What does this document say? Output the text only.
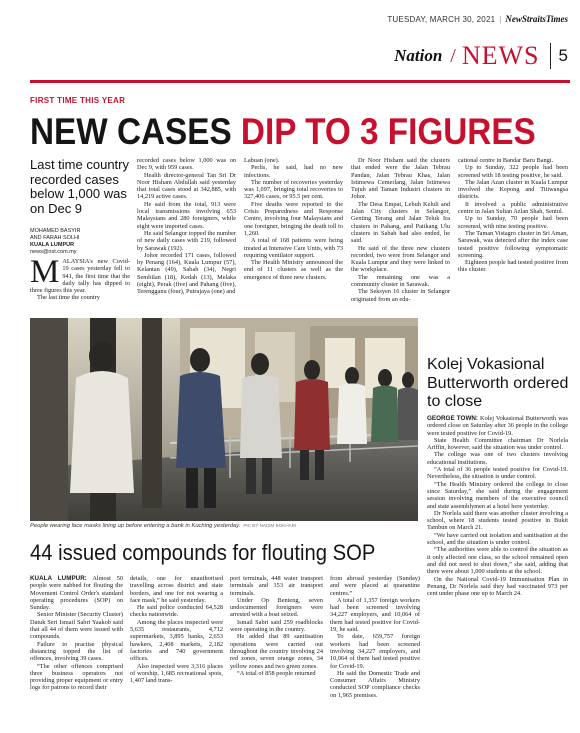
TUESDAY, MARCH 30, 2021 | NewStraitsTimes
Nation / NEWS 5
FIRST TIME THIS YEAR
NEW CASES DIP TO 3 FIGURES
Last time country recorded cases below 1,000 was on Dec 9
MOHAMED BASYIR
AND FARAH SOLHI
KUALA LUMPUR
news@nst.com.my

MALAYSIA's new Covid-19 cases yesterday fell to 941, the first time that the daily tally has dipped to three figures this year.

The last time the country

recorded cases below 1,000 was on Dec 9, with 959 cases.

Health director-general Tan Sri Dr Noor Hisham Abdullah said yesterday that total cases stood at 342,885, with 14,219 active cases.

He said from the total, 913 were local transmissions involving 653 Malaysians and 280 foreigners, while eight were imported cases.

He said Selangor topped the number of new daily cases with 219, followed by Sarawak (192).

Johor recorded 171 cases, followed by Penang (164), Kuala Lumpur (57), Kelantan (49), Sabah (34), Negri Sembilan (18), Kedah (13), Melaka (eight), Perak (five) and Pahang (five), Terengganu (four), Putrajaya (one) and

Labuan (one).

Perlis, he said, had no new infections.

The number of recoveries yesterday was 1,097, bringing total recoveries to 327,406 cases, or 95.5 per cent.

Five deaths were reported to the Crisis Preparedness and Response Centre, involving four Malaysians and one foreigner, bringing the death toll to 1,260.

A total of 168 patients were being treated at Intensive Care Units, with 73 requiring ventilator support.

The Health Ministry announced the end of 11 clusters as well as the emergence of three new clusters.

Dr Noor Hisham said the clusters that ended were the Jalan Tebrau Pandan, Jalan Tebrau Khas, Jalan Istimewa Cemerlang, Jalan Istimewa Tujuh and Taman Industri clusters in Johor.

The Desa Empat, Lebuh Keluli and Jalan City clusters in Selangor, Genting Terang and Jalan Teluk Ira clusters in Pahang, and Patikang Ulu clusters in Sabah had also ended, he said.

He said of the three new clusters recorded, two were from Selangor and Kuala Lumpur and they were linked to the workplace.

The remaining one was a community cluster in Sarawak.

The Seksyen 16 cluster in Selangor originated from an edu-

cational centre in Bandar Baru Bangi.

Up to Sunday, 322 people had been screened with 18 testing positive, he said.

The Jalan Azan cluster in Kuala Lumpur involved the Kepong and Titiwangsa districts.

It involved a public administrative centre in Jalan Sultan Azlan Shah, Sentul.

Up to Sunday, 70 people had been screened, with nine testing positive.

The Taman Vistagro cluster in Sri Aman, Sarawak, was detected after the index case tested positive following symptomatic screening.

Eighteen people had tested positive from this cluster.

People wearing face masks lining up before entering a bank in Kuching yesterday. PIC BY NADIM BOKHARI
Kolej Vokasional Butterworth ordered to close

GEORGE TOWN: Kolej Vokasional Butterworth was ordered close on Saturday after 36 people in the college were tested positive for Covid-19.

State Health Committee chairman Dr Norlela Ariffin, however, said the situation was under control.

The college was one of two clusters involving educational institutions.

“A total of 36 people tested positive for Covid-19. Nevertheless, the situation is under control.

“The Health Ministry ordered the college to close since Saturday,” she said during the engagement session involving members of the executive council and state assemblymen at a hotel here yesterday.

Dr Norlela said there was another cluster involving a school, where 18 students tested positive in Bukit Tambun on March 21.

“We have carried out isolation and sanitisation at the school, and the situation is under control.

“The authorities were able to control the situation as it only affected one class, so the school remained open and did not need to shut down,” she said, adding that there were about 1,000 students at the school.

On the National Covid-19 Immunisation Plan in Penang, Dr Norlela said they had vaccinated 973 per cent under phase one up to March 24.

44 issued compounds for flouting SOP

KUALA LUMPUR: Almost 50 people were nabbed for flouting the Movement Control Order's standard operating procedures (SOP) on Sunday.

Senior Minister (Security Cluster) Datuk Seri Ismail Sabri Yaakob said that all 44 of them were issued with compounds.

Failure to practise physical distancing topped the list of offences, involving 39 cases.

“The other offences comprised three business operators not providing proper equipment or entry logs for patrons to record their

details, one for unauthorised travelling across district and state borders, and one for not wearing a face mask,” he said yesterday.

He said police conducted 64,528 checks nationwide.

Among the places inspected were 5,635 restaurants, 4,712 supermarkets, 3,895 banks, 2,653 hawkers, 2,408 markets, 2,182 factories and 740 government offices.

Also inspected were 3,316 places of worship, 1,685 recreational spots, 1,407 land trans-

port terminals, 448 water transport terminals and 153 air transport terminals.

Under Op Benteng, seven undocumented foreigners were arrested with a boat seized.

Ismail Sabri said 259 roadblocks were operating in the country.

He added that 89 sanitisation operations were carried out throughout the country involving 24 red zones, seven orange zones, 34 yellow zones and two green zones.

“A total of 858 people returned

from abroad yesterday (Sunday) and were placed at quarantine centres.”

A total of 1,357 foreign workers had been screened involving 34,227 employers, and 10,064 of them had tested positive for Covid-19, he said.

To date, 659,757 foreign workers had been screened involving 34,227 employers, and 10,064 of them had tested positive for Covid-19.

He said the Domestic Trade and Consumer Affairs Ministry conducted SOP compliance checks on 1,965 premises.
